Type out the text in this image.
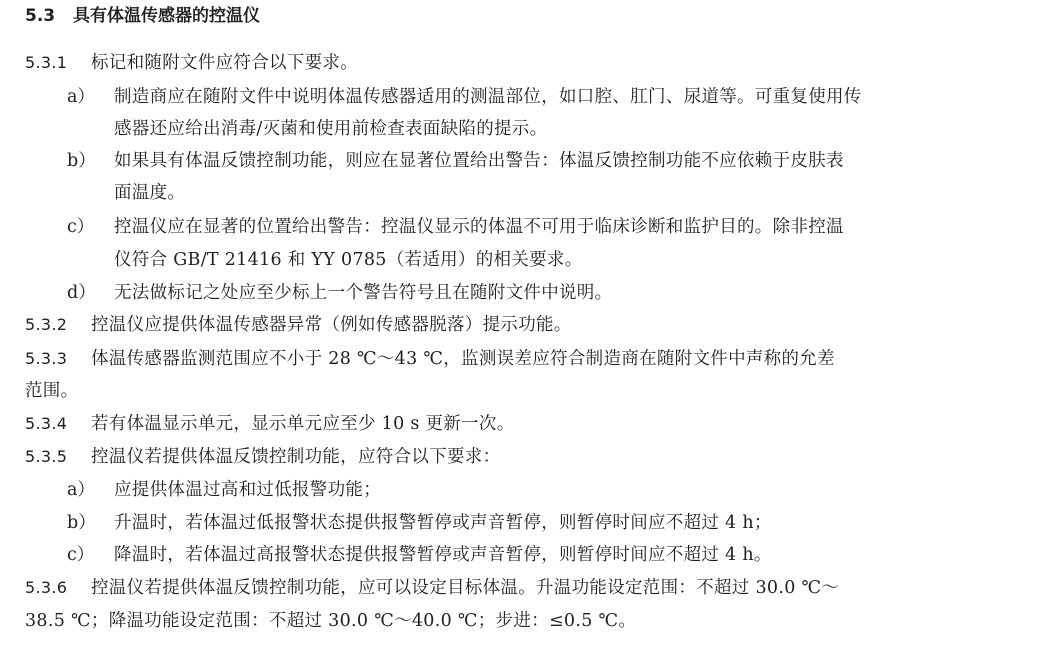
5.3 具有体温传感器的控温仪
5.3.1 标记和随附文件应符合以下要求。
a） 制造商应在随附文件中说明体温传感器适用的测温部位，如口腔、肛门、尿道等。可重复使用传
感器还应给出消毒/灭菌和使用前检查表面缺陷的提示。
b） 如果具有体温反馈控制功能，则应在显著位置给出警告：体温反馈控制功能不应依赖于皮肤表
面温度。
c） 控温仪应在显著的位置给出警告：控温仪显示的体温不可用于临床诊断和监护目的。除非控温
仪符合 GB/T 21416 和 YY 0785（若适用）的相关要求。
d） 无法做标记之处应至少标上一个警告符号且在随附文件中说明。
5.3.2 控温仪应提供体温传感器异常（例如传感器脱落）提示功能。
5.3.3 体温传感器监测范围应不小于 28 ℃～43 ℃，监测误差应符合制造商在随附文件中声称的允差
范围。
5.3.4 若有体温显示单元，显示单元应至少 10 s 更新一次。
5.3.5 控温仪若提供体温反馈控制功能，应符合以下要求：
a） 应提供体温过高和过低报警功能；
b） 升温时，若体温过低报警状态提供报警暂停或声音暂停，则暂停时间应不超过 4 h；
c） 降温时，若体温过高报警状态提供报警暂停或声音暂停，则暂停时间应不超过 4 h。
5.3.6 控温仪若提供体温反馈控制功能，应可以设定目标体温。升温功能设定范围：不超过 30.0 ℃～
38.5 ℃；降温功能设定范围：不超过 30.0 ℃～40.0 ℃；步进：≤0.5 ℃。
